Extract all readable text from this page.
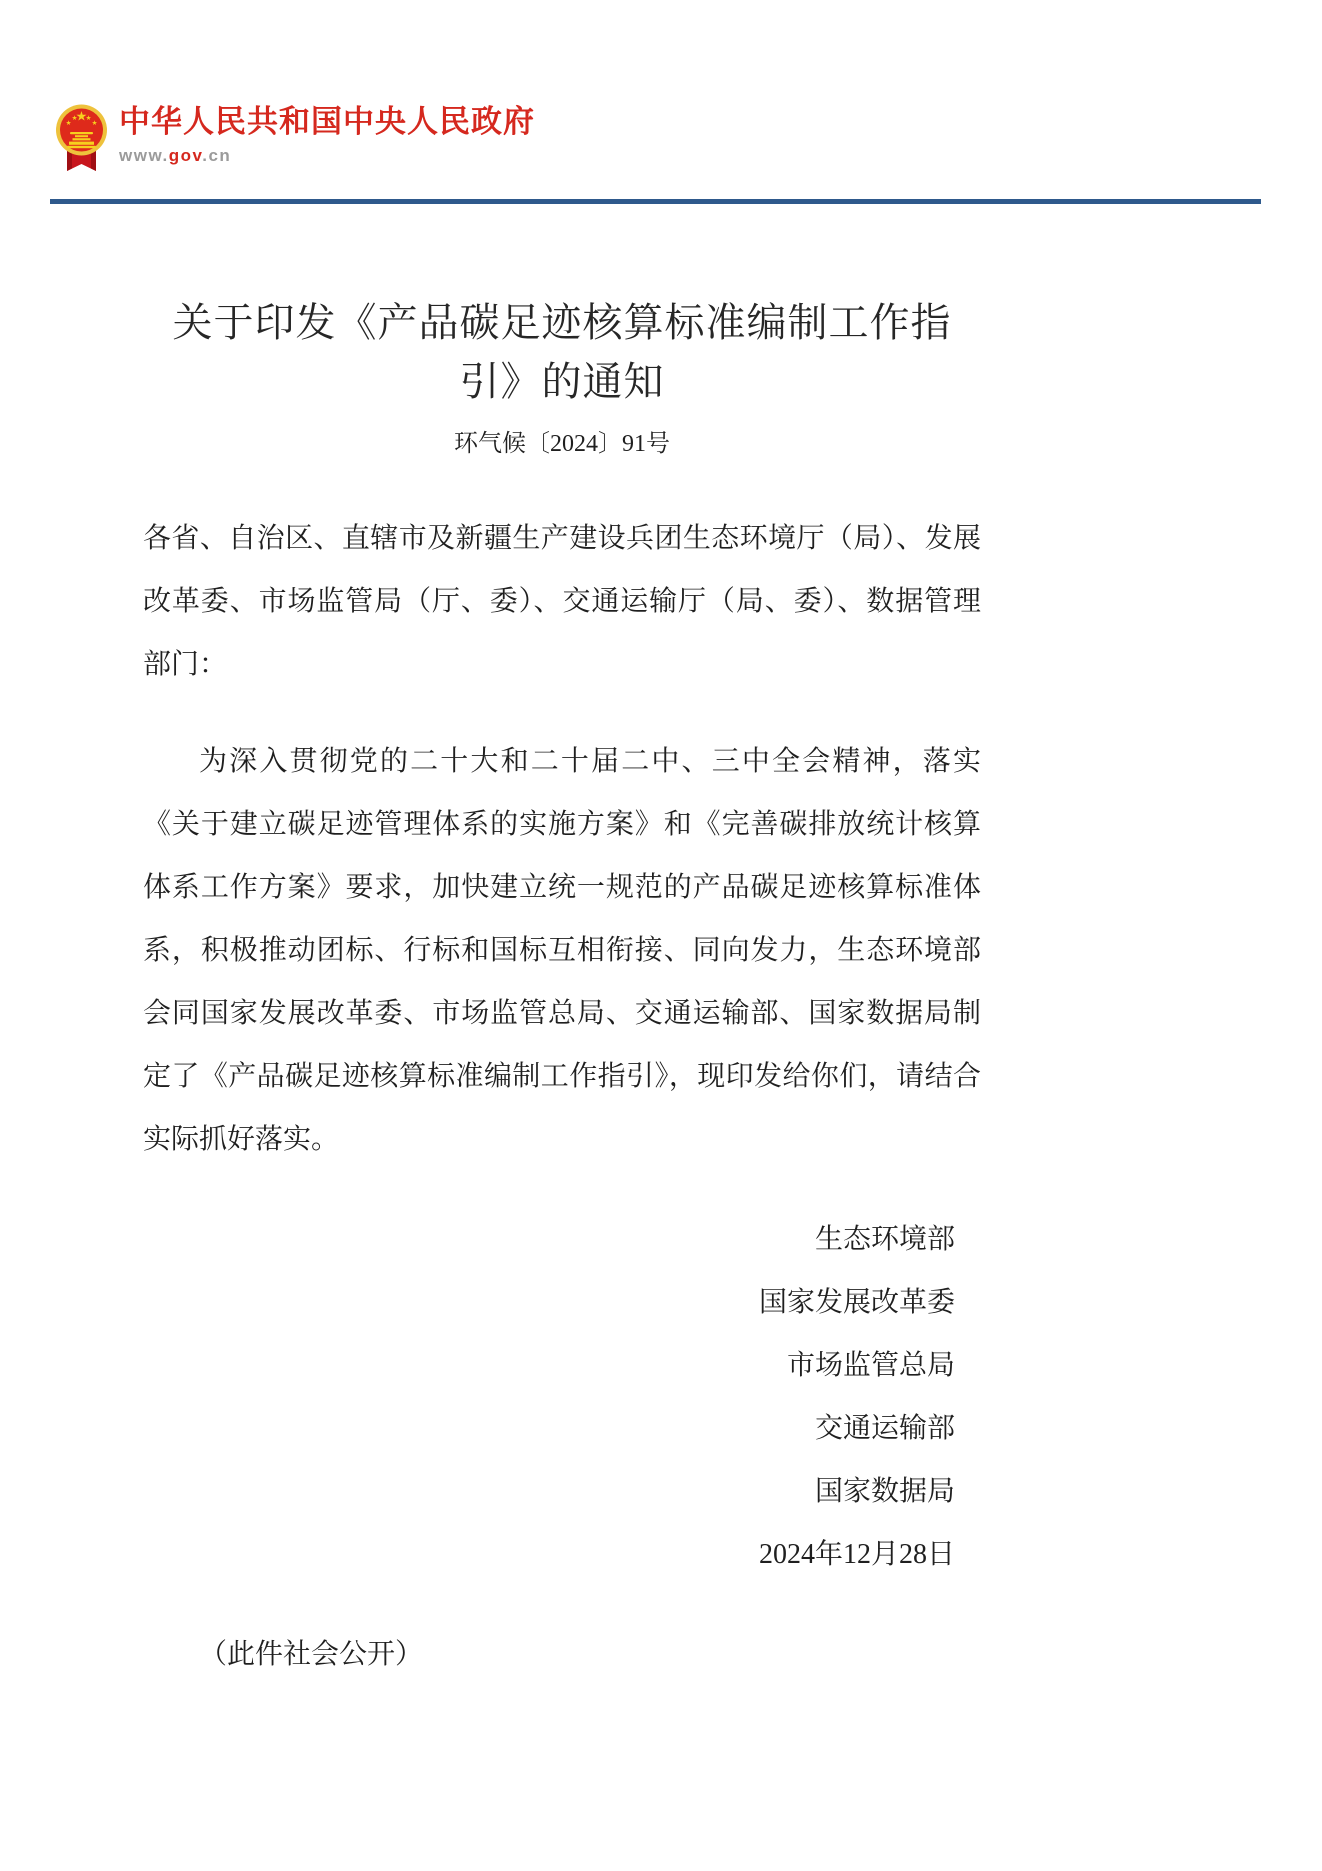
★
★
★ ★
★ 中华人民共和国中央人民政府
www.gov.cn
关于印发《产品碳足迹核算标准编制工作指
引》的通知
环气候〔2024〕91号
各省、自治区、直辖市及新疆生产建设兵团生态环境厅（局）、发展改革委、市场监管局（厅、委）、交通运输厅（局、委）、数据管理部门：
为深入贯彻党的二十大和二十届二中、三中全会精神，落实《关于建立碳足迹管理体系的实施方案》和《完善碳排放统计核算体系工作方案》要求，加快建立统一规范的产品碳足迹核算标准体系，积极推动团标、行标和国标互相衔接、同向发力，生态环境部会同国家发展改革委、市场监管总局、交通运输部、国家数据局制定了《产品碳足迹核算标准编制工作指引》，现印发给你们，请结合实际抓好落实。
生态环境部
国家发展改革委
市场监管总局
交通运输部
国家数据局
2024年12月28日
（此件社会公开）
